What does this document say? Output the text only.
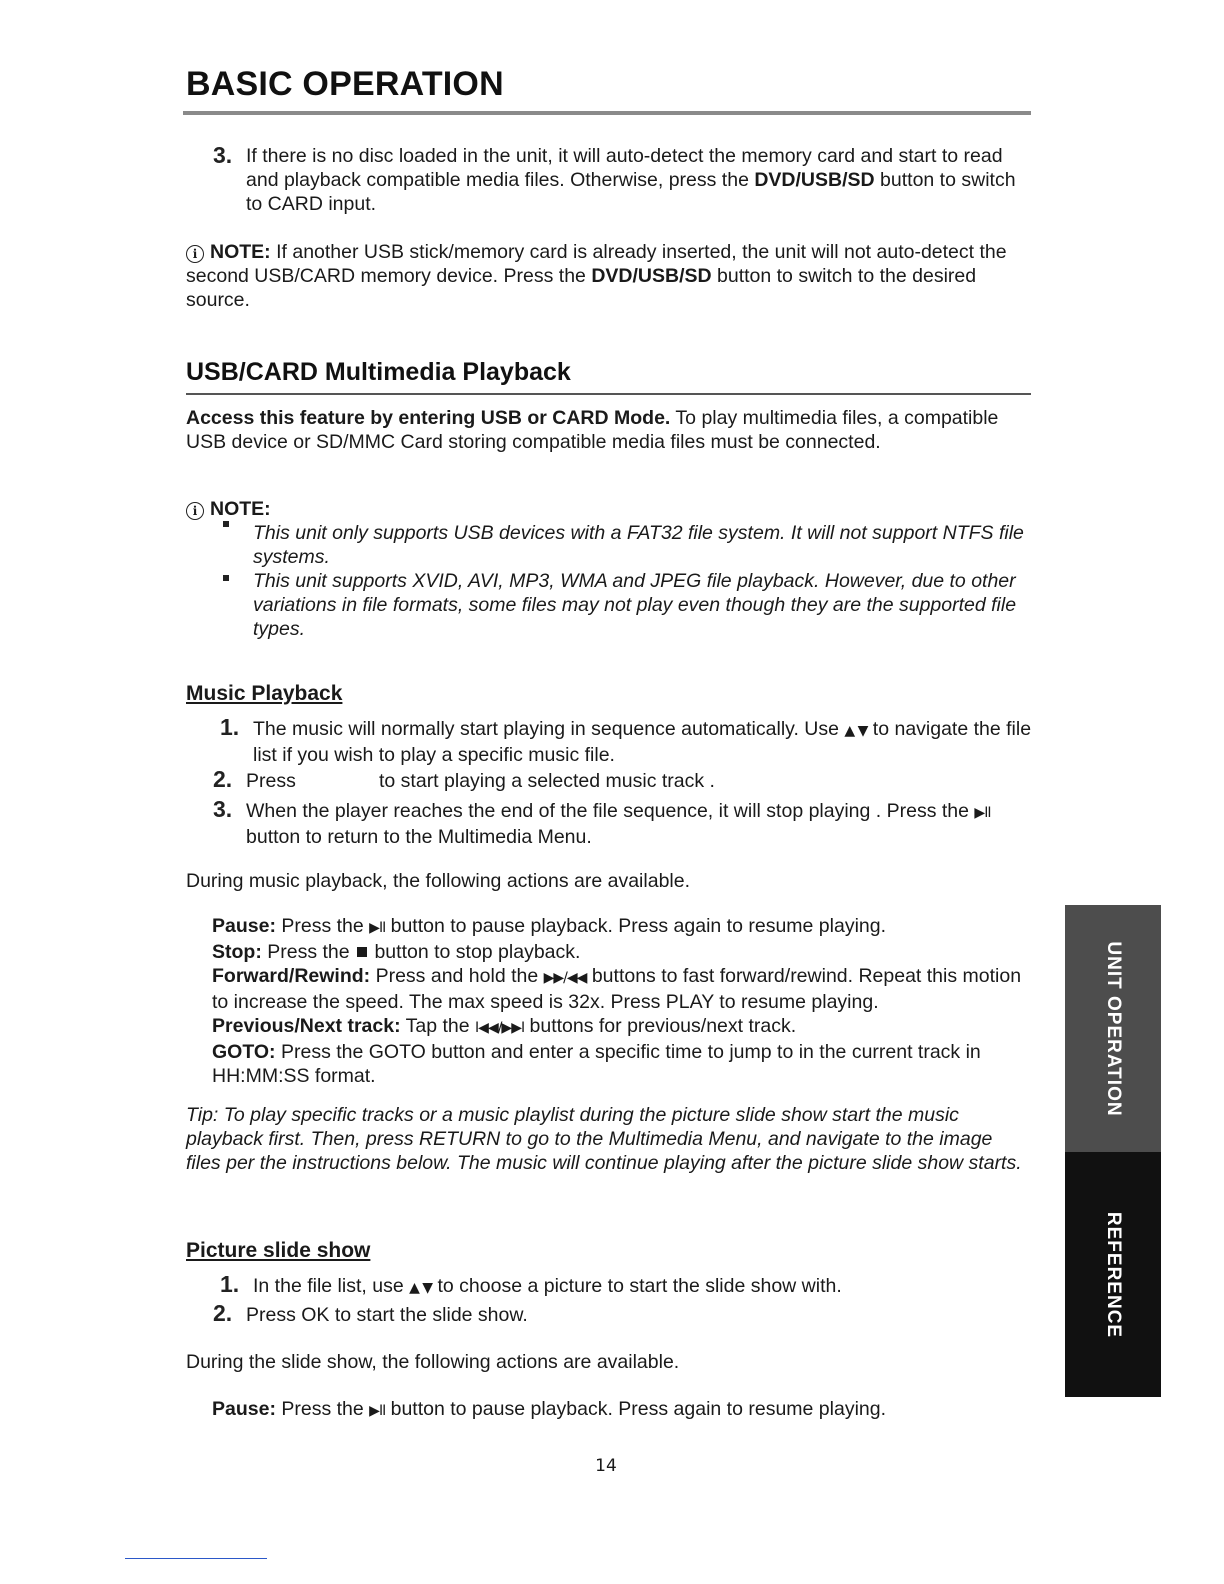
BASIC OPERATION
3. If there is no disc loaded in the unit, it will auto-detect the memory card and start to read and playback compatible media files. Otherwise, press the DVD/USB/SD button to switch to CARD input.
i NOTE: If another USB stick/memory card is already inserted, the unit will not auto-detect the second USB/CARD memory device. Press the DVD/USB/SD button to switch to the desired source.
USB/CARD Multimedia Playback
Access this feature by entering USB or CARD Mode. To play multimedia files, a compatible USB device or SD/MMC Card storing compatible media files must be connected.
i NOTE:
This unit only supports USB devices with a FAT32 file system. It will not support NTFS file systems.
This unit supports XVID, AVI, MP3, WMA and JPEG file playback. However, due to other variations in file formats, some files may not play even though they are the supported file types.
Music Playback
1. The music will normally start playing in sequence automatically. Use ▲ ▼ to navigate the file list if you wish to play a specific music file.
2. Press	to start playing a selected music track .
3. When the player reaches the end of the file sequence, it will stop playing . Press the ▶II button to return to the Multimedia Menu.
During music playback, the following actions are available.
Pause: Press the ▶II button to pause playback. Press again to resume playing.
Stop: Press the  button to stop playback.
Forward/Rewind: Press and hold the ▶▶/◀◀ buttons to fast forward/rewind. Repeat this motion to increase the speed. The max speed is 32x. Press PLAY to resume playing.
Previous/Next track: Tap the I◀◀/▶▶I buttons for previous/next track.
GOTO: Press the GOTO button and enter a specific time to jump to in the current track in HH:MM:SS format.
Tip: To play specific tracks or a music playlist during the picture slide show start the music playback first. Then, press RETURN to go to the Multimedia Menu, and navigate to the image files per the instructions below. The music will continue playing after the picture slide show starts.
Picture slide show
1. In the file list, use ▲ ▼ to choose a picture to start the slide show with.
2. Press OK to start the slide show.
During the slide show, the following actions are available.
Pause: Press the ▶II button to pause playback. Press again to resume playing.
14
UNIT OPERATION
REFERENCE
